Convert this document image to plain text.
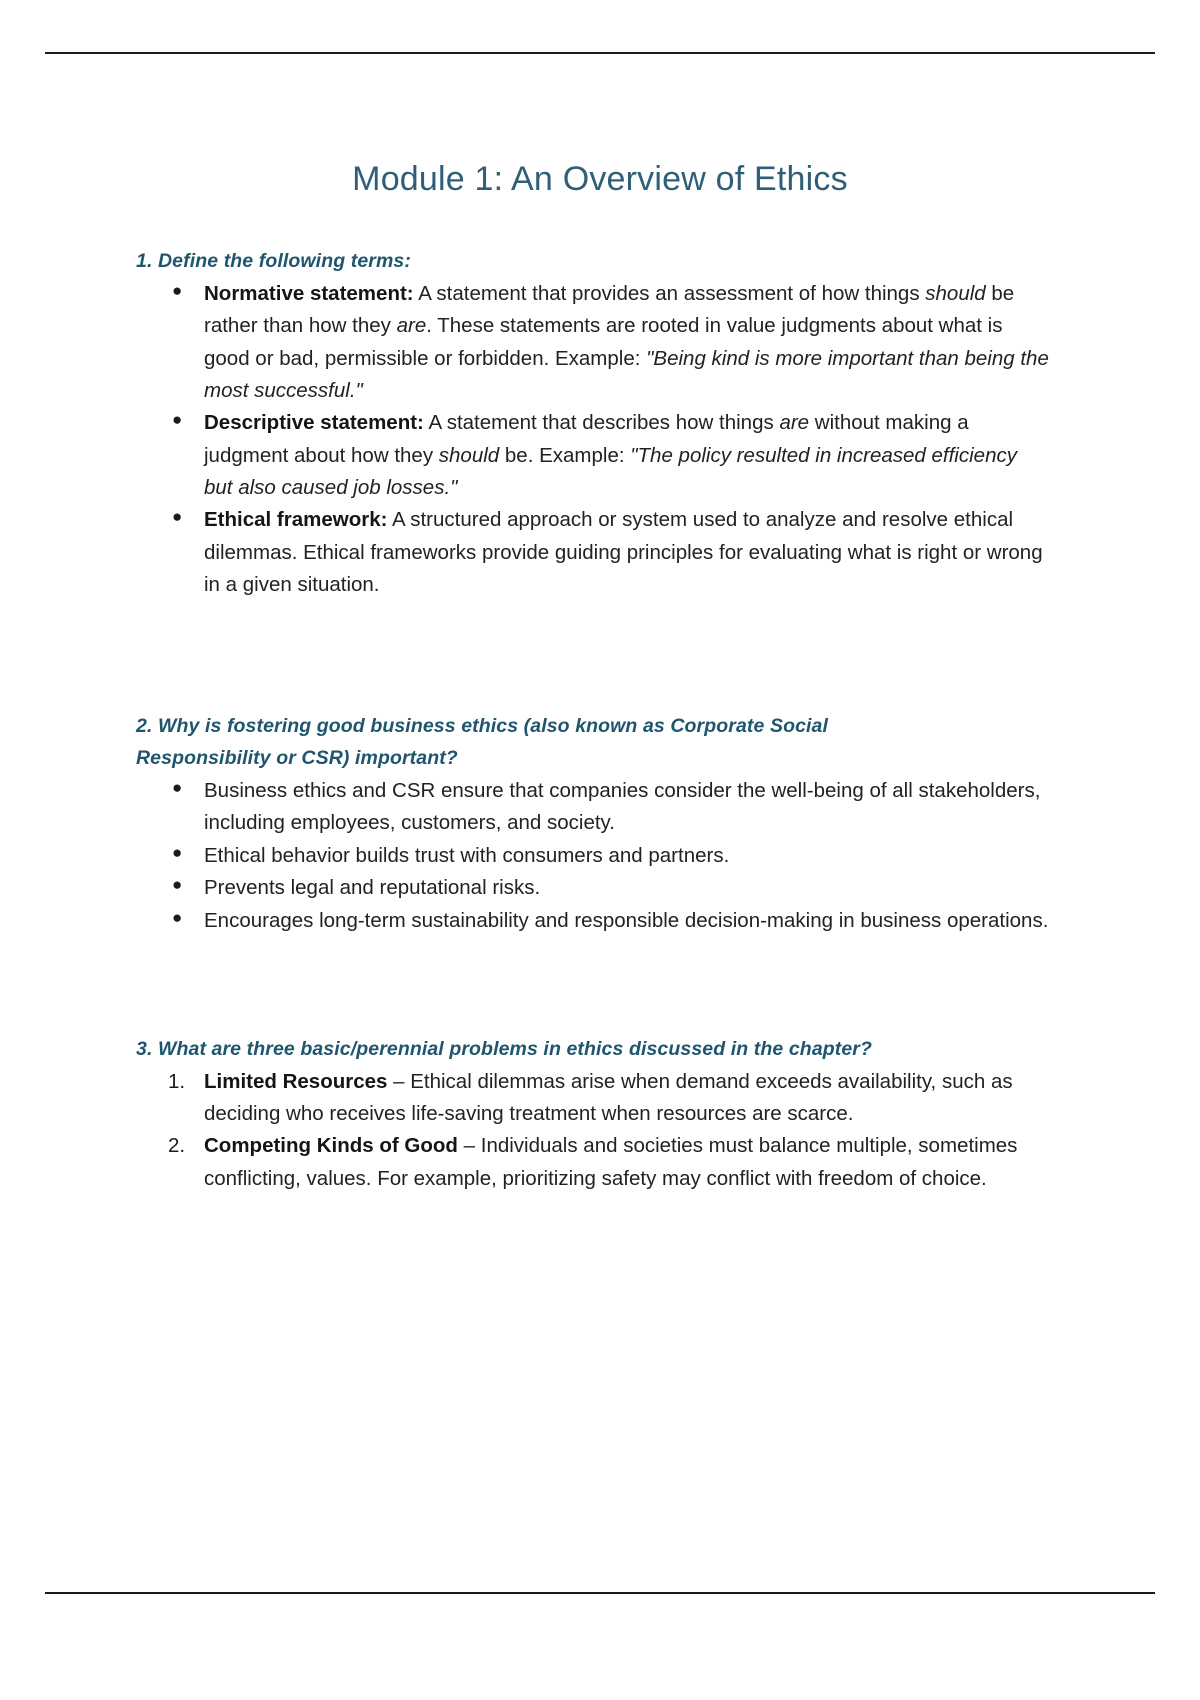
Module 1: An Overview of Ethics

1. Define the following terms:

● Normative statement: A statement that provides an assessment of how things should be rather than how they are. These statements are rooted in value judgments about what is good or bad, permissible or forbidden. Example: "Being kind is more important than being the most successful."
● Descriptive statement: A statement that describes how things are without making a judgment about how they should be. Example: "The policy resulted in increased efficiency but also caused job losses."
● Ethical framework: A structured approach or system used to analyze and resolve ethical dilemmas. Ethical frameworks provide guiding principles for evaluating what is right or wrong in a given situation.

2. Why is fostering good business ethics (also known as Corporate Social

Responsibility or CSR) important?

● Business ethics and CSR ensure that companies consider the well-being of all stakeholders, including employees, customers, and society.
● Ethical behavior builds trust with consumers and partners.
● Prevents legal and reputational risks.
● Encourages long-term sustainability and responsible decision-making in business operations.

3. What are three basic/perennial problems in ethics discussed in the chapter?

1. Limited Resources – Ethical dilemmas arise when demand exceeds availability, such as deciding who receives life-saving treatment when resources are scarce.
2. Competing Kinds of Good – Individuals and societies must balance multiple, sometimes conflicting, values. For example, prioritizing safety may conflict with freedom of choice.
